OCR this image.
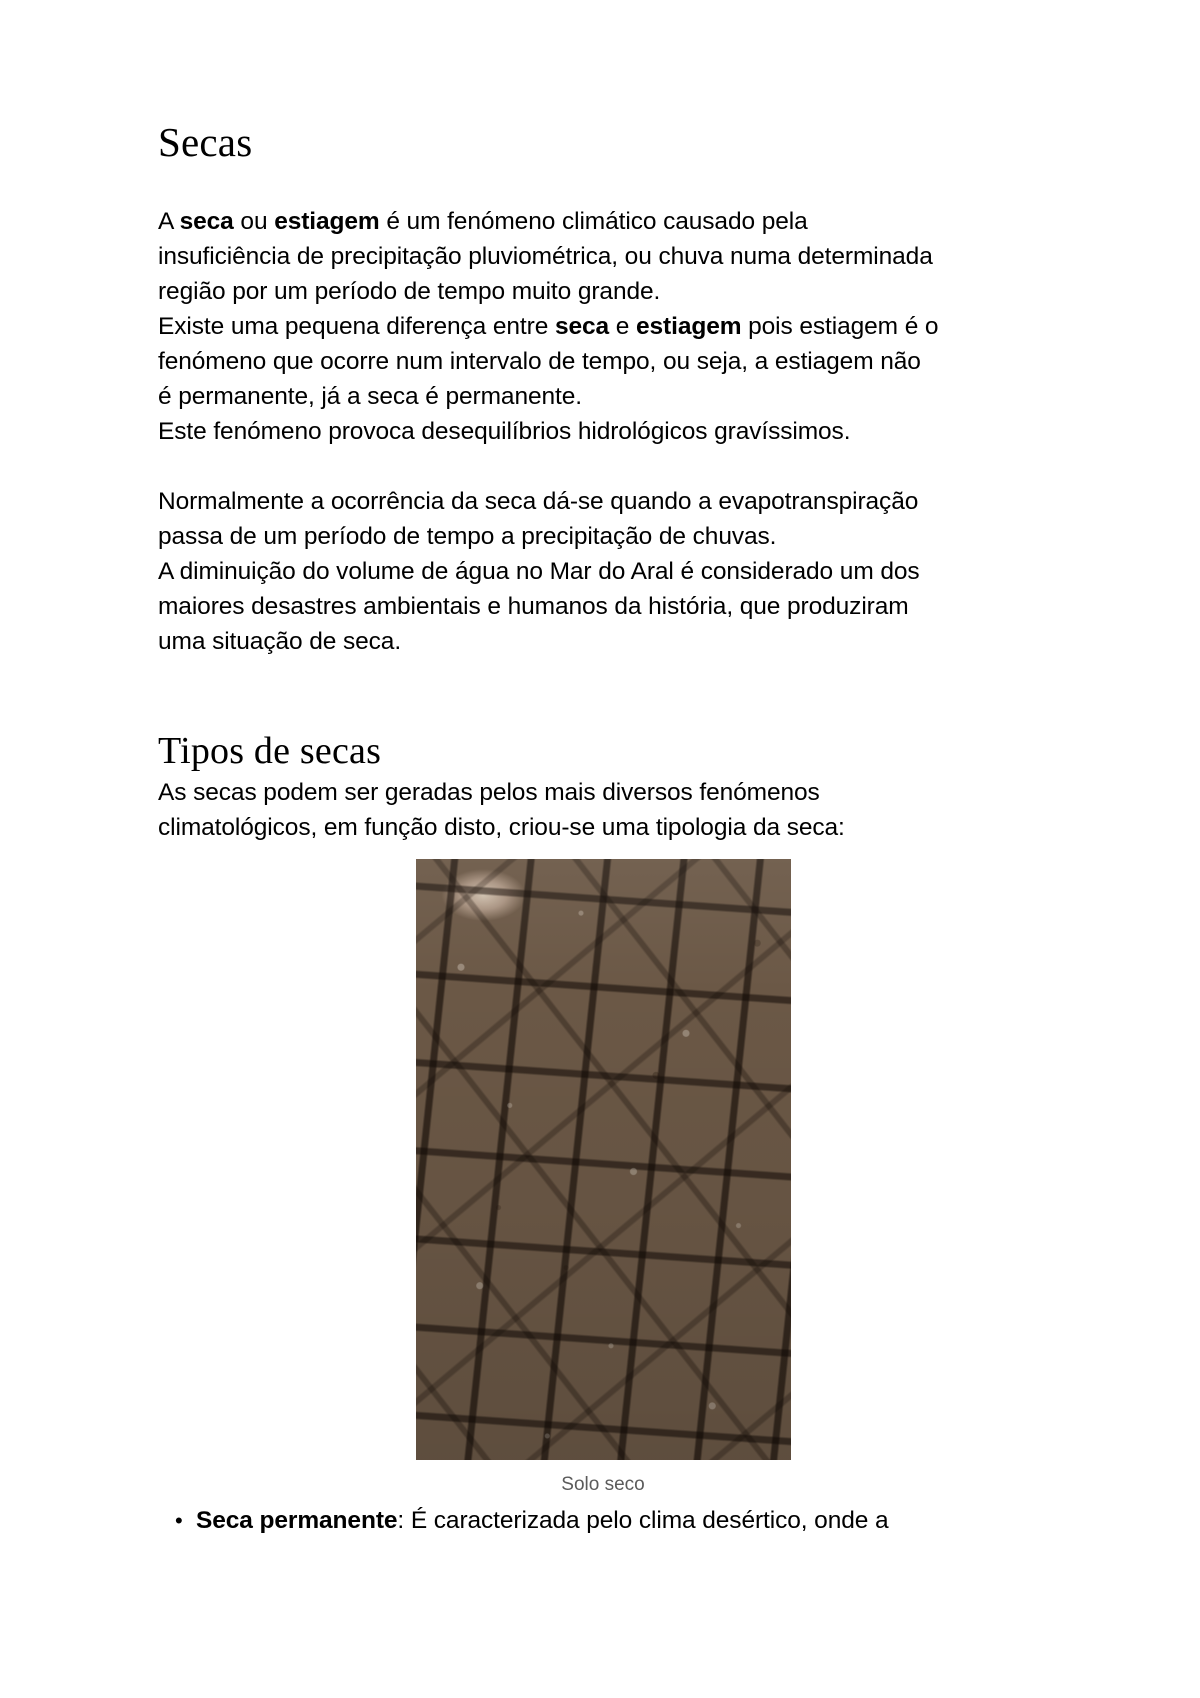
Secas

A seca ou estiagem é um fenómeno climático causado pela insuficiência de precipitação pluviométrica, ou chuva numa determinada região por um período de tempo muito grande.

Existe uma pequena diferença entre seca e estiagem pois estiagem é o fenómeno que ocorre num intervalo de tempo, ou seja, a estiagem não é permanente, já a seca é permanente.

Este fenómeno provoca desequilíbrios hidrológicos gravíssimos.

Normalmente a ocorrência da seca dá-se quando a evapotranspiração passa de um período de tempo a precipitação de chuvas.

A diminuição do volume de água no Mar do Aral é considerado um dos maiores desastres ambientais e humanos da história, que produziram uma situação de seca.

Tipos de secas

As secas podem ser geradas pelos mais diversos fenómenos climatológicos, em função disto, criou-se uma tipologia da seca:

Solo seco
• Seca permanente: É caracterizada pelo clima desértico, onde a
